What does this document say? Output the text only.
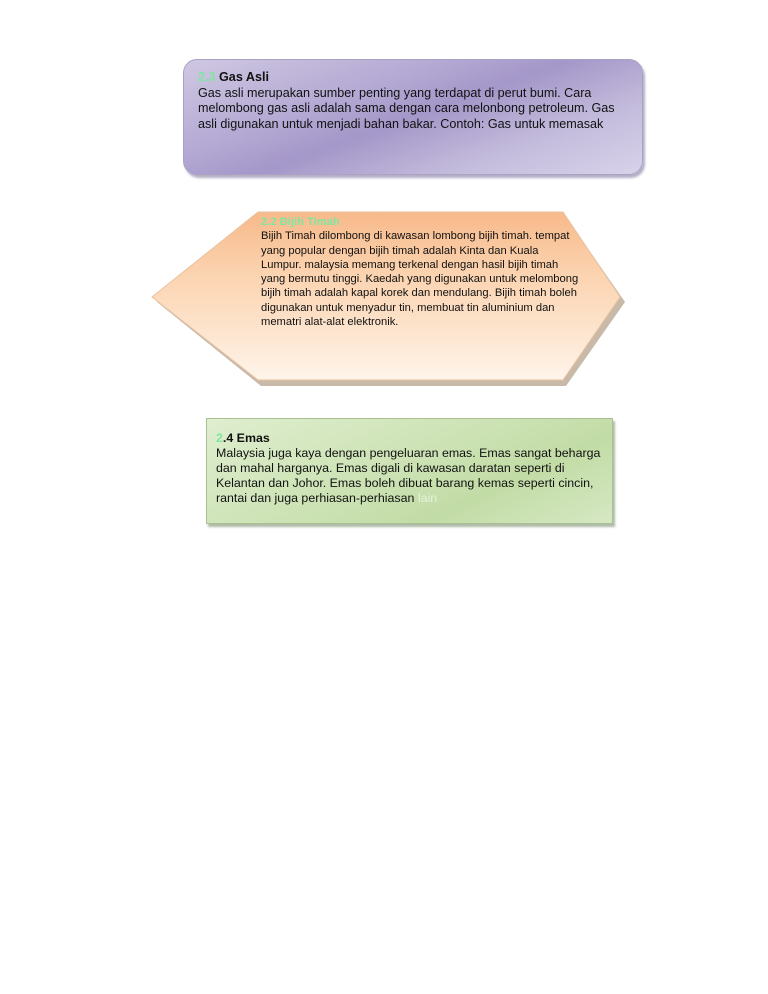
2.3 Gas Asli
Gas asli merupakan sumber penting yang terdapat di perut bumi. Cara melombong gas asli adalah sama dengan cara melonbong petroleum. Gas asli digunakan untuk menjadi bahan bakar. Contoh: Gas untuk memasak
2.2 Bijih Timah
Bijih Timah dilombong di kawasan lombong bijih timah. tempat yang popular dengan bijih timah adalah Kinta dan Kuala Lumpur. malaysia memang terkenal dengan hasil bijih timah yang bermutu tinggi. Kaedah yang digunakan untuk melombong bijih timah adalah kapal korek dan mendulang. Bijih timah boleh digunakan untuk menyadur tin, membuat tin aluminium dan mematri alat-alat elektronik.
2.4 Emas
Malaysia juga kaya dengan pengeluaran emas. Emas sangat beharga dan mahal harganya. Emas digali di kawasan daratan seperti di Kelantan dan Johor. Emas boleh dibuat barang kemas seperti cincin, rantai dan juga perhiasan-perhiasan lain
